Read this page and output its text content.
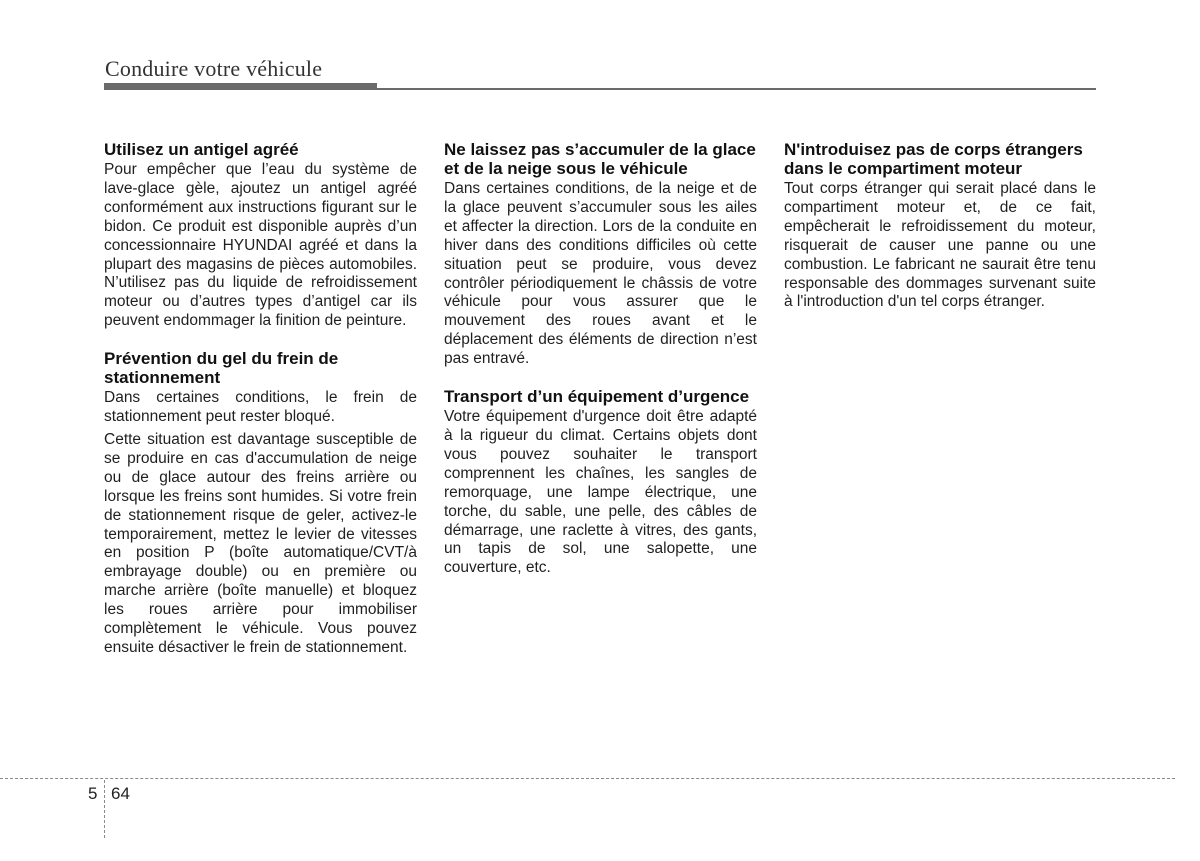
Conduire votre véhicule
Utilisez un antigel agréé

Pour empêcher que l’eau du système de lave-glace gèle, ajoutez un antigel agréé conformément aux instructions figurant sur le bidon. Ce produit est disponible auprès d’un concessionnaire HYUNDAI agréé et dans la plupart des magasins de pièces automobiles. N’utilisez pas du liquide de refroidissement moteur ou d’autres types d’antigel car ils peuvent endommager la finition de peinture.

Prévention du gel du frein de stationnement

Dans certaines conditions, le frein de stationnement peut rester bloqué.

Cette situation est davantage susceptible de se produire en cas d'accumulation de neige ou de glace autour des freins arrière ou lorsque les freins sont humides. Si votre frein de stationnement risque de geler, activez-le temporairement, mettez le levier de vitesses en position P (boîte automatique/CVT/à embrayage double) ou en première ou marche arrière (boîte manuelle) et bloquez les roues arrière pour immobiliser complètement le véhicule. Vous pouvez ensuite désactiver le frein de stationnement.

Ne laissez pas s’accumuler de la glace et de la neige sous le véhicule

Dans certaines conditions, de la neige et de la glace peuvent s’accumuler sous les ailes et affecter la direction. Lors de la conduite en hiver dans des conditions difficiles où cette situation peut se produire, vous devez contrôler périodiquement le châssis de votre véhicule pour vous assurer que le mouvement des roues avant et le déplacement des éléments de direction n’est pas entravé.

Transport d’un équipement d’urgence

Votre équipement d'urgence doit être adapté à la rigueur du climat. Certains objets dont vous pouvez souhaiter le transport comprennent les chaînes, les sangles de remorquage, une lampe électrique, une torche, du sable, une pelle, des câbles de démarrage, une raclette à vitres, des gants, un tapis de sol, une salopette, une couverture, etc.

N'introduisez pas de corps étrangers dans le compartiment moteur

Tout corps étranger qui serait placé dans le compartiment moteur et, de ce fait, empêcherait le refroidissement du moteur, risquerait de causer une panne ou une combustion. Le fabricant ne saurait être tenu responsable des dommages survenant suite à l'introduction d'un tel corps étranger.

5 64
